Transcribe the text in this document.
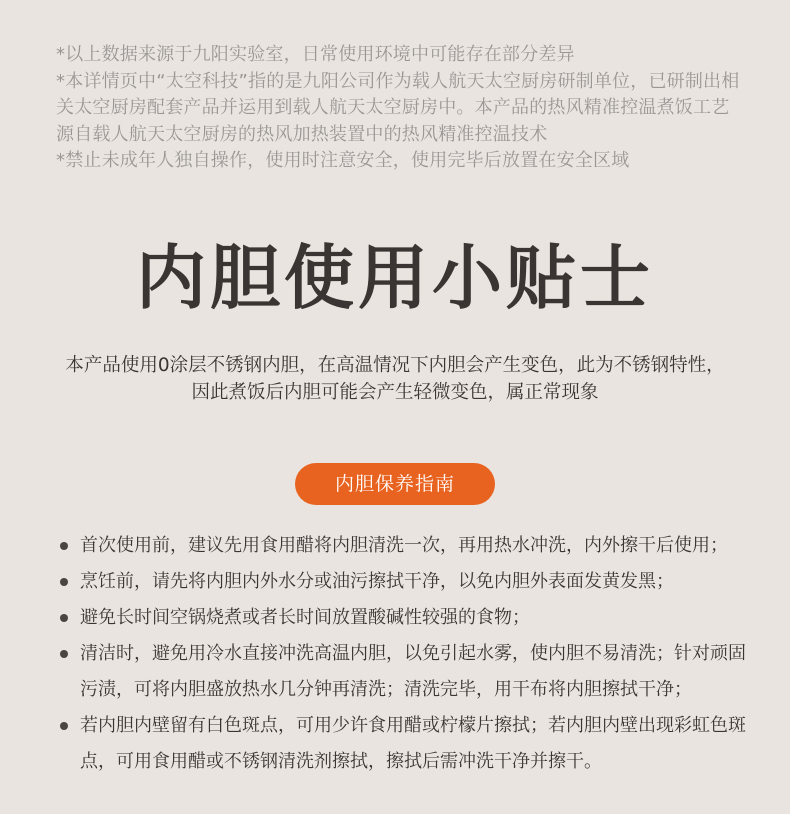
*以上数据来源于九阳实验室，日常使用环境中可能存在部分差异

*本详情页中“太空科技”指的是九阳公司作为载人航天太空厨房研制单位，已研制出相关太空厨房配套产品并运用到载人航天太空厨房中。本产品的热风精准控温煮饭工艺源自载人航天太空厨房的热风加热装置中的热风精准控温技术

*禁止未成年人独自操作，使用时注意安全，使用完毕后放置在安全区域

内胆使用小贴士

本产品使用0涂层不锈钢内胆，在高温情况下内胆会产生变色，此为不锈钢特性，因此煮饭后内胆可能会产生轻微变色，属正常现象

内胆保养指南
首次使用前，建议先用食用醋将内胆清洗一次，再用热水冲洗，内外擦干后使用；
烹饪前，请先将内胆内外水分或油污擦拭干净，以免内胆外表面发黄发黑；
避免长时间空锅烧煮或者长时间放置酸碱性较强的食物；
清洁时，避免用冷水直接冲洗高温内胆，以免引起水雾，使内胆不易清洗；针对顽固污渍，可将内胆盛放热水几分钟再清洗；清洗完毕，用干布将内胆擦拭干净；
若内胆内壁留有白色斑点，可用少许食用醋或柠檬片擦拭；若内胆内壁出现彩虹色斑点，可用食用醋或不锈钢清洗剂擦拭，擦拭后需冲洗干净并擦干。
